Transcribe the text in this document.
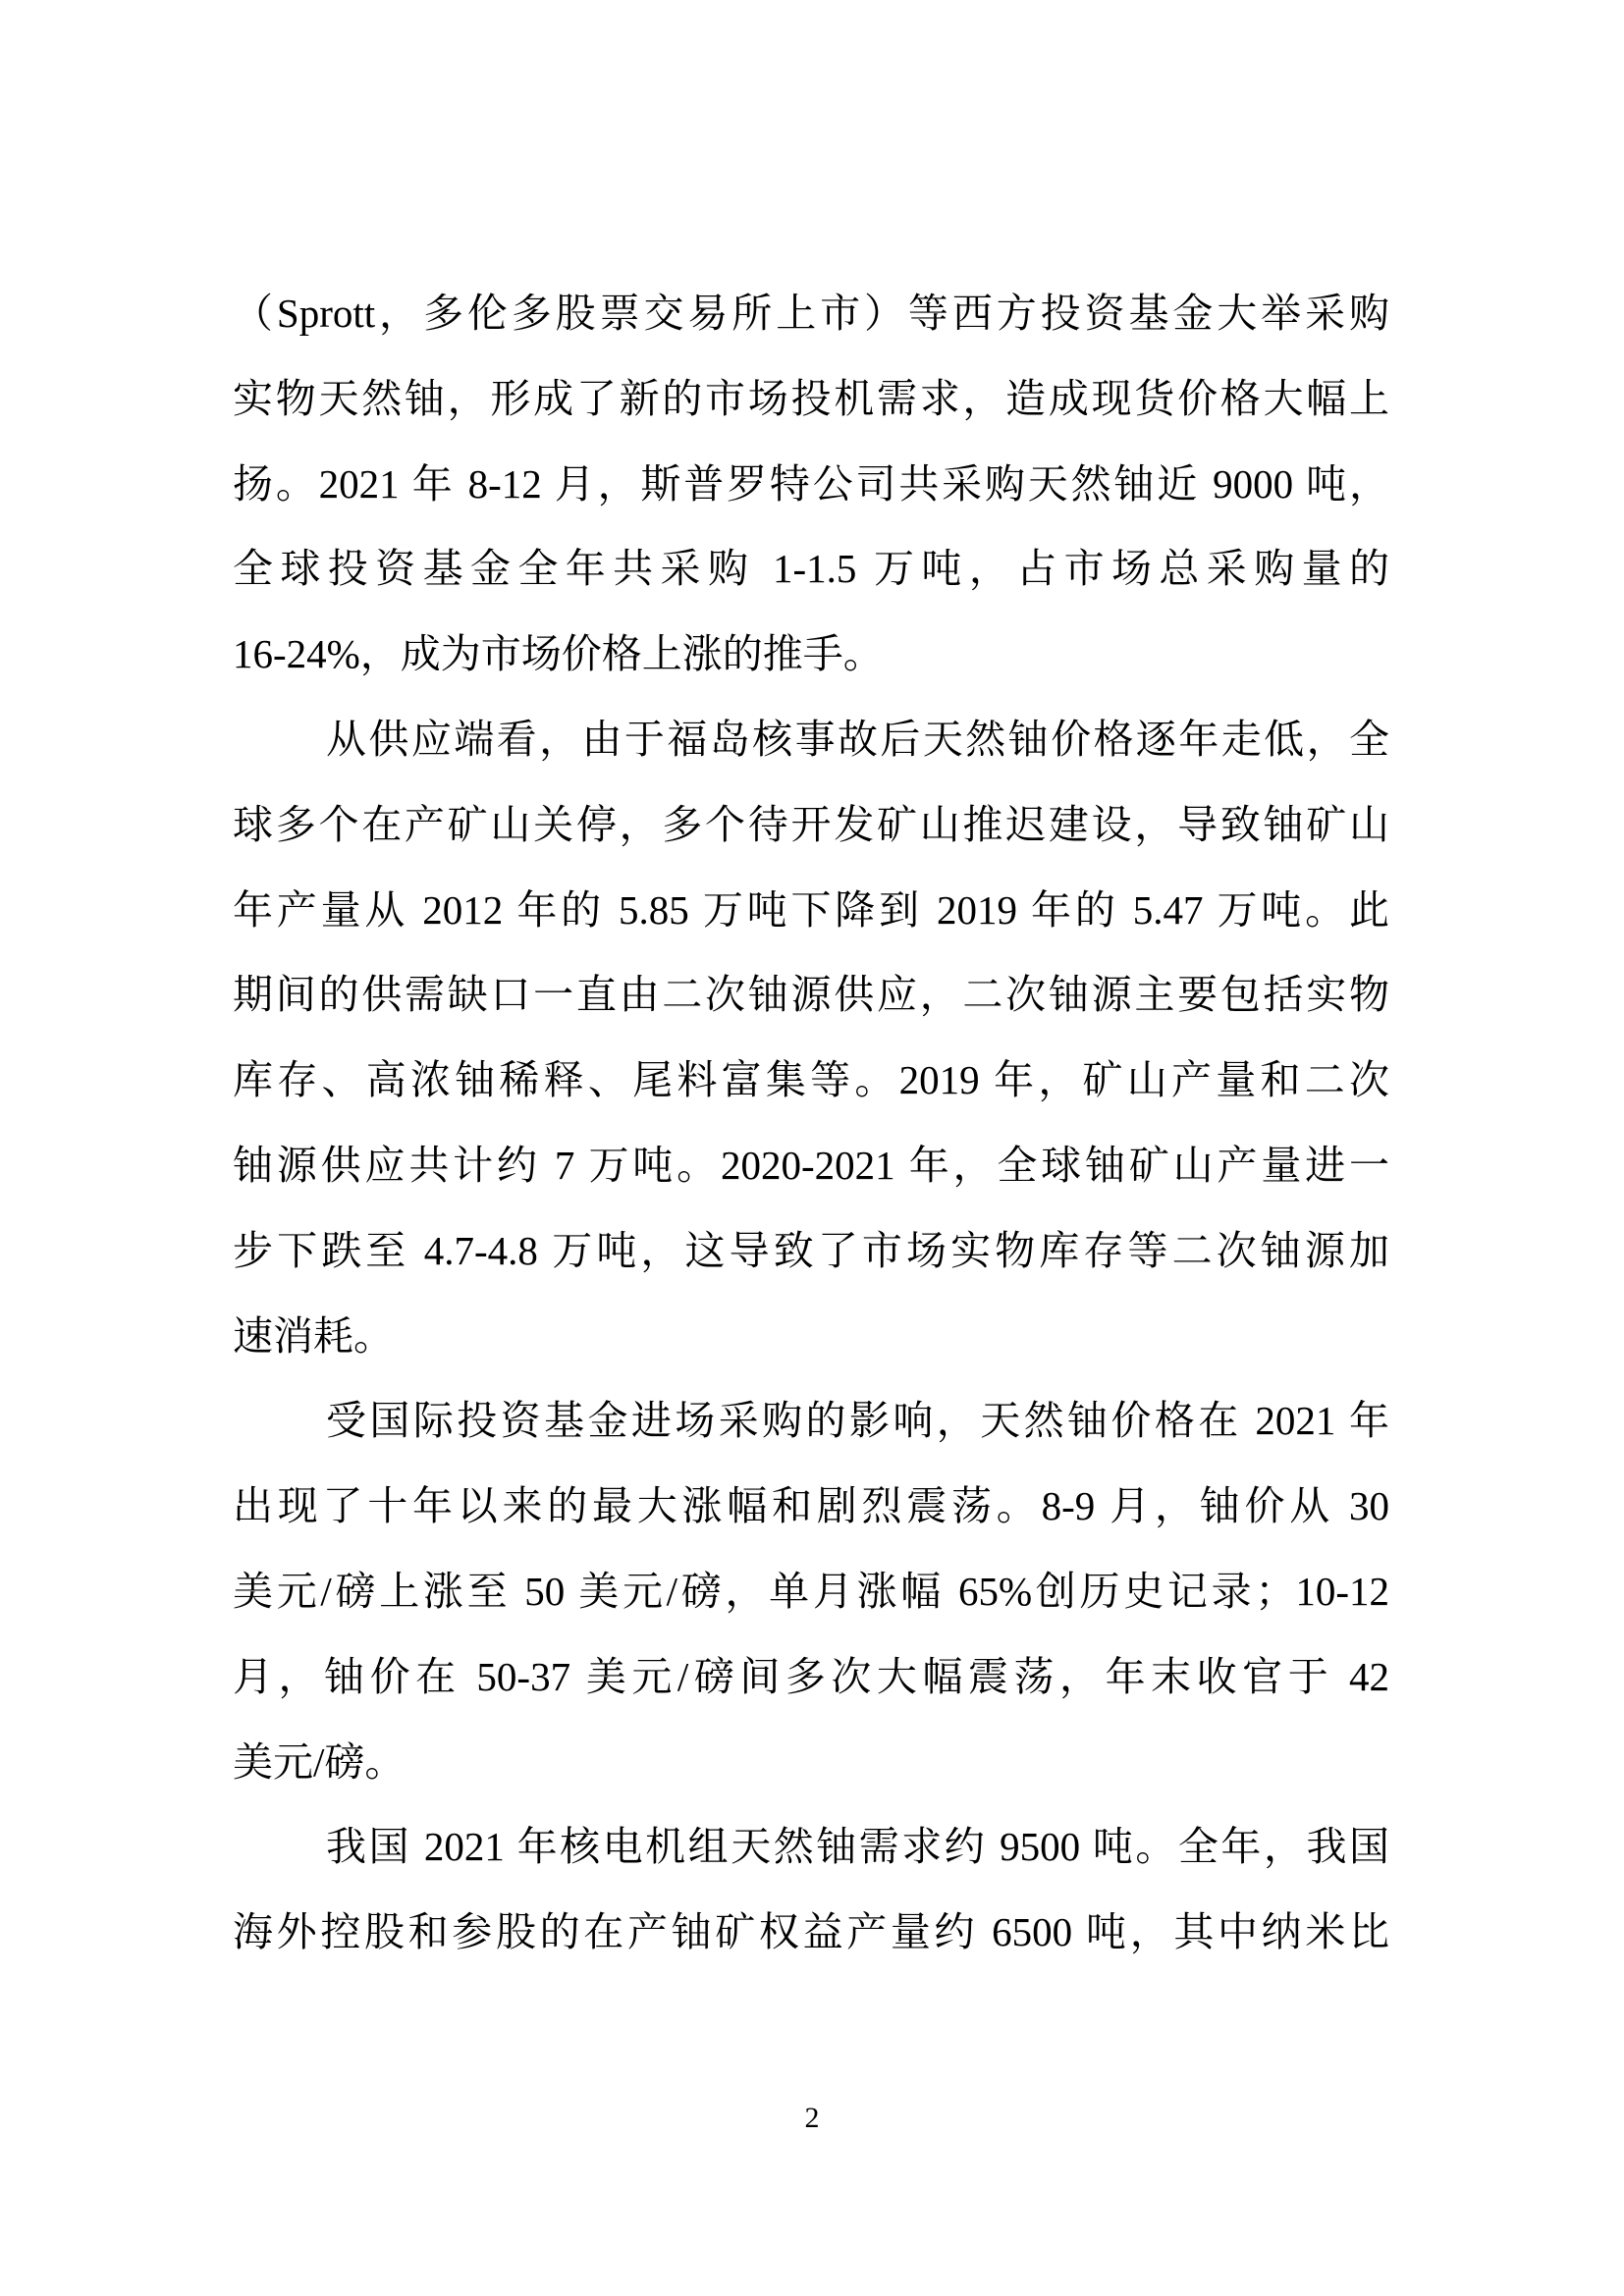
（Sprott，多伦多股票交易所上市）等西方投资基金大举采购
实物天然铀，形成了新的市场投机需求，造成现货价格大幅上
扬。2021 年 8-12 月，斯普罗特公司共采购天然铀近 9000 吨，
全球投资基金全年共采购 1-1.5 万吨，占市场总采购量的
16-24%，成为市场价格上涨的推手。
从供应端看，由于福岛核事故后天然铀价格逐年走低，全
球多个在产矿山关停，多个待开发矿山推迟建设，导致铀矿山
年产量从 2012 年的 5.85 万吨下降到 2019 年的 5.47 万吨。此
期间的供需缺口一直由二次铀源供应，二次铀源主要包括实物
库存、高浓铀稀释、尾料富集等。2019 年，矿山产量和二次
铀源供应共计约 7 万吨。2020-2021 年，全球铀矿山产量进一
步下跌至 4.7-4.8 万吨，这导致了市场实物库存等二次铀源加
速消耗。
受国际投资基金进场采购的影响，天然铀价格在 2021 年
出现了十年以来的最大涨幅和剧烈震荡。8-9 月，铀价从 30
美元/磅上涨至 50 美元/磅，单月涨幅 65%创历史记录；10-12
月，铀价在 50-37 美元/磅间多次大幅震荡，年末收官于 42
美元/磅。
我国 2021 年核电机组天然铀需求约 9500 吨。全年，我国
海外控股和参股的在产铀矿权益产量约 6500 吨，其中纳米比
2
